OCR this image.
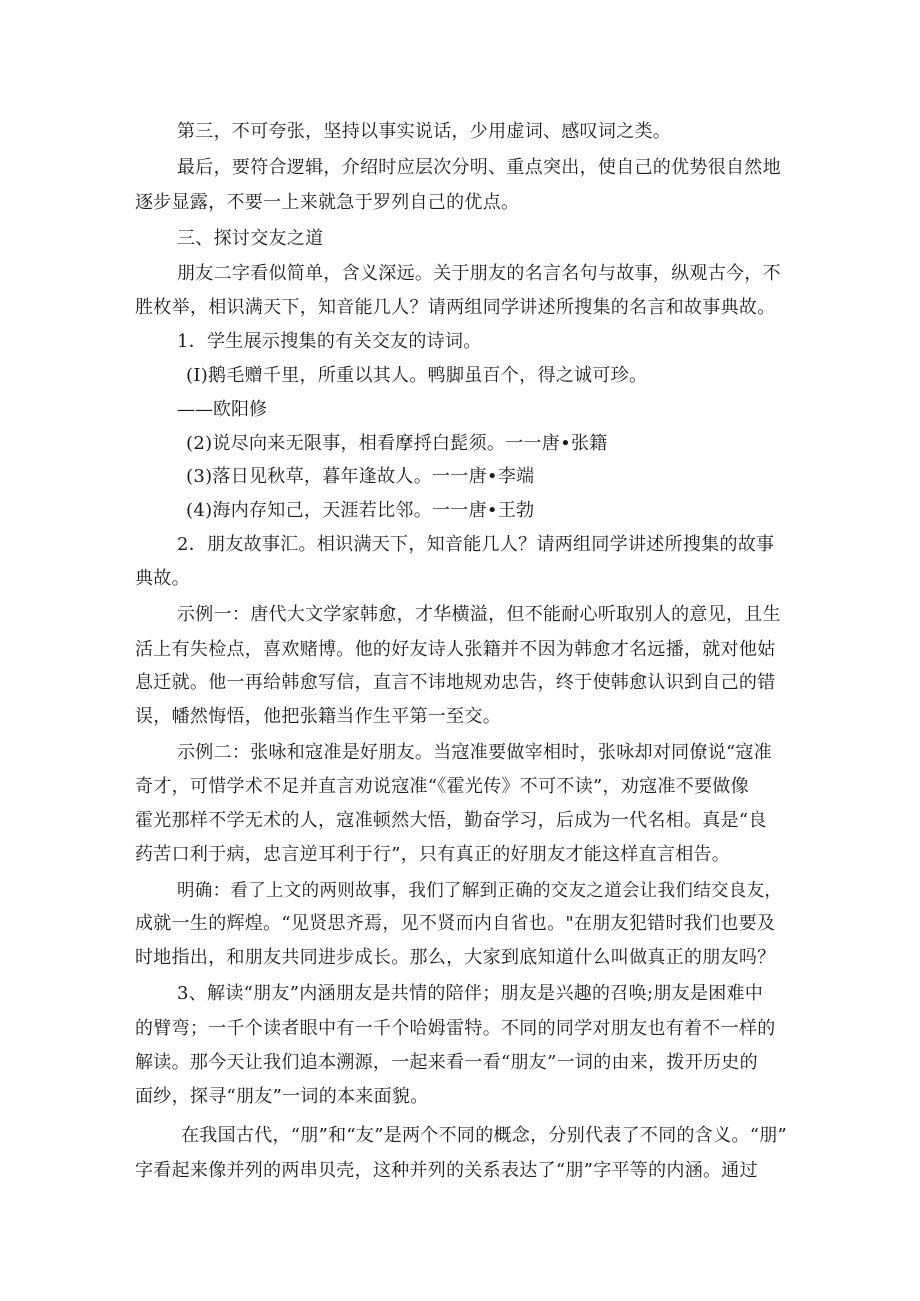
第三，不可夸张，坚持以事实说话，少用虚词、感叹词之类。
最后，要符合逻辑，介绍时应层次分明、重点突出，使自己的优势很自然地
逐步显露，不要一上来就急于罗列自己的优点。
三、探讨交友之道
朋友二字看似简单，含义深远。关于朋友的名言名句与故事，纵观古今，不
胜枚举，相识满天下，知音能几人？请两组同学讲述所搜集的名言和故事典故。
1．学生展示搜集的有关交友的诗词。
(I)鹅毛赠千里，所重以其人。鸭脚虽百个，得之诚可珍。
——欧阳修
(2)说尽向来无限事，相看摩捋白髭须。一一唐•张籍
(3)落日见秋草，暮年逢故人。一一唐•李端
(4)海内存知己，天涯若比邻。一一唐•王勃
2．朋友故事汇。相识满天下，知音能几人？请两组同学讲述所搜集的故事
典故。
示例一：唐代大文学家韩愈，才华横溢，但不能耐心听取别人的意见，且生
活上有失检点，喜欢赌博。他的好友诗人张籍并不因为韩愈才名远播，就对他姑
息迁就。他一再给韩愈写信，直言不讳地规劝忠告，终于使韩愈认识到自己的错
误，幡然悔悟，他把张籍当作生平第一至交。
示例二：张咏和寇准是好朋友。当寇准要做宰相时，张咏却对同僚说“寇准
奇才，可惜学术不足并直言劝说寇准“《霍光传》不可不读”，劝寇准不要做像
霍光那样不学无术的人，寇准顿然大悟，勤奋学习，后成为一代名相。真是“良
药苦口利于病，忠言逆耳利于行”，只有真正的好朋友才能这样直言相告。
明确：看了上文的两则故事，我们了解到正确的交友之道会让我们结交良友，
成就一生的辉煌。“见贤思齐焉，见不贤而内自省也。"在朋友犯错时我们也要及
时地指出，和朋友共同进步成长。那么，大家到底知道什么叫做真正的朋友吗？
3、解读“朋友”内涵朋友是共情的陪伴；朋友是兴趣的召唤;朋友是困难中
的臂弯；一千个读者眼中有一千个哈姆雷特。不同的同学对朋友也有着不一样的
解读。那今天让我们追本溯源，一起来看一看“朋友”一词的由来，拨开历史的
面纱，探寻“朋友”一词的本来面貌。
在我国古代，“朋”和“友”是两个不同的概念，分别代表了不同的含义。“朋”
字看起来像并列的两串贝壳，这种并列的关系表达了“朋”字平等的内涵。通过
